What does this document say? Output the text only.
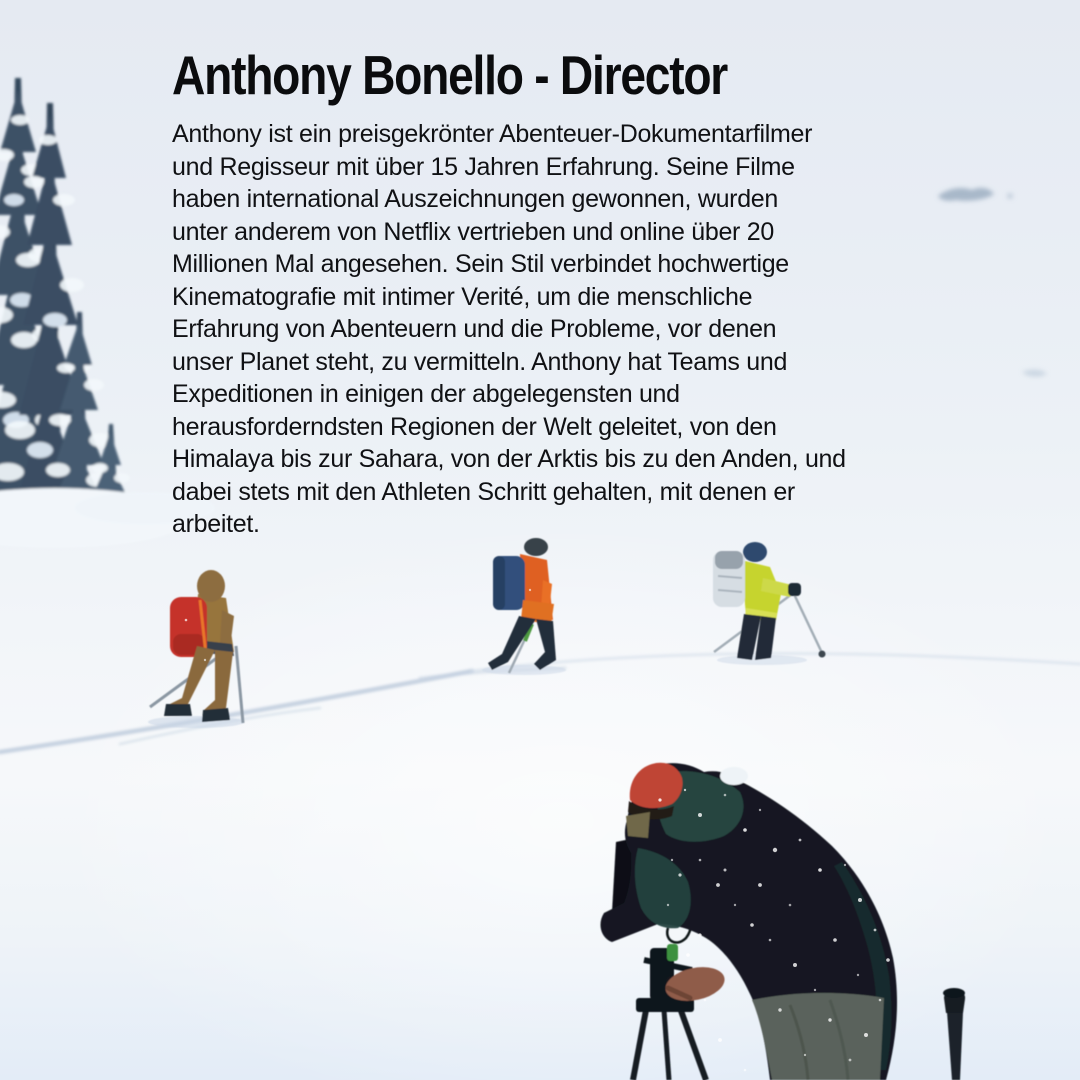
Anthony Bonello - Director
Anthony ist ein preisgekrönter Abenteuer-Dokumentarfilmer
und Regisseur mit über 15 Jahren Erfahrung. Seine Filme
haben international Auszeichnungen gewonnen, wurden
unter anderem von Netflix vertrieben und online über 20
Millionen Mal angesehen. Sein Stil verbindet hochwertige
Kinematografie mit intimer Verité, um die menschliche
Erfahrung von Abenteuern und die Probleme, vor denen
unser Planet steht, zu vermitteln. Anthony hat Teams und
Expeditionen in einigen der abgelegensten und
herausforderndsten Regionen der Welt geleitet, von den
Himalaya bis zur Sahara, von der Arktis bis zu den Anden, und
dabei stets mit den Athleten Schritt gehalten, mit denen er
arbeitet.
